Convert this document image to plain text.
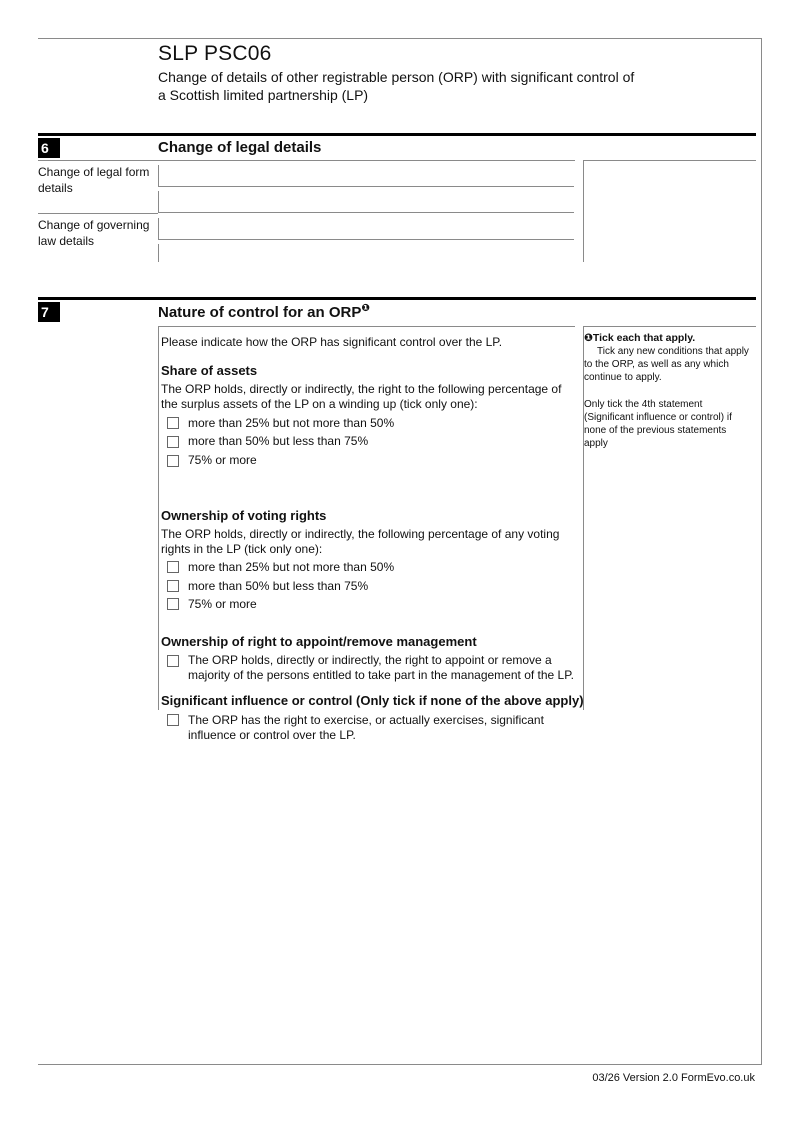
SLP PSC06
Change of details of other registrable person (ORP) with significant control of
a Scottish limited partnership (LP)
6	Change of legal details
Change of legal form details
Change of governing law details
7	Nature of control for an $ORP^❶$
Please indicate how the ORP has significant control over the LP.
Share of assets
The ORP holds, directly or indirectly, the right to the following percentage of
the surplus assets of the LP on a winding up (tick only one):
more than 25% but not more than 50%
more than 50% but less than 75%
75% or more
Ownership of voting rights
The ORP holds, directly or indirectly, the following percentage of any voting
rights in the LP (tick only one):
more than 25% but not more than 50%
more than 50% but less than 75%
75% or more
Ownership of right to appoint/remove management
The ORP holds, directly or indirectly, the right to appoint or remove a
majority of the persons entitled to take part in the management of the LP.
Significant influence or control (Only tick if none of the above apply)
The ORP has the right to exercise, or actually exercises, significant
influence or control over the LP.
❶Tick each that apply.
Tick any new conditions that apply
to the ORP, as well as any which
continue to apply.
Only tick the 4th statement
(Significant influence or control) if
none of the previous statements
apply
03/26 Version 2.0 FormEvo.co.uk
